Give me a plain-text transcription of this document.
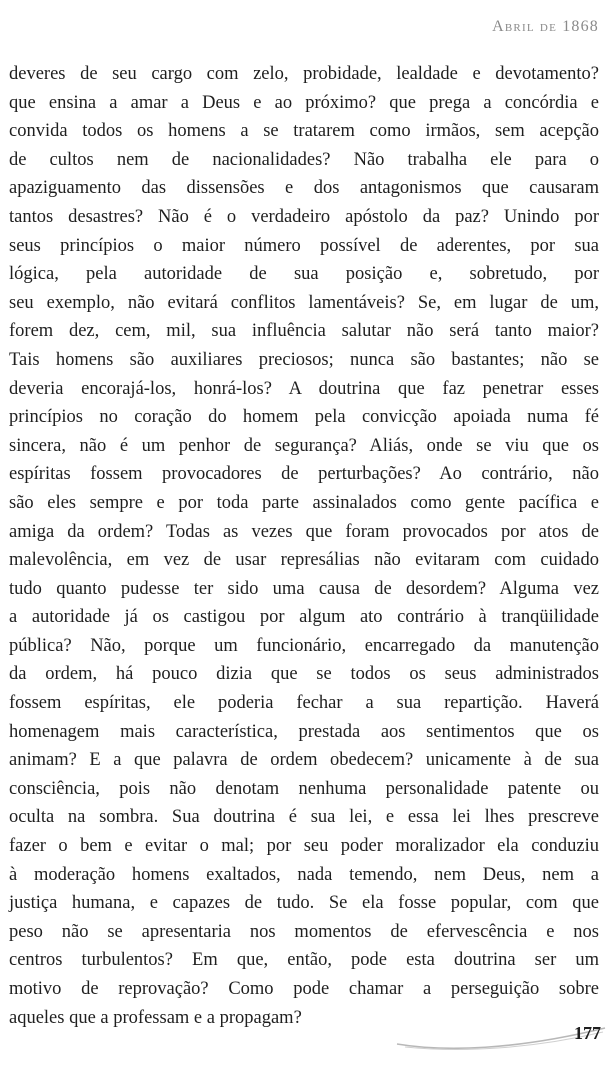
Abril de 1868
deveres de seu cargo com zelo, probidade, lealdade e devotamento?
que ensina a amar a Deus e ao próximo? que prega a concórdia e
convida todos os homens a se tratarem como irmãos, sem acepção
de cultos nem de nacionalidades? Não trabalha ele para o
apaziguamento das dissensões e dos antagonismos que causaram
tantos desastres? Não é o verdadeiro apóstolo da paz? Unindo por
seus princípios o maior número possível de aderentes, por sua
lógica, pela autoridade de sua posição e, sobretudo, por
seu exemplo, não evitará conflitos lamentáveis? Se, em lugar de um,
forem dez, cem, mil, sua influência salutar não será tanto maior?
Tais homens são auxiliares preciosos; nunca são bastantes; não se
deveria encorajá-los, honrá-los? A doutrina que faz penetrar esses
princípios no coração do homem pela convicção apoiada numa fé
sincera, não é um penhor de segurança? Aliás, onde se viu que os
espíritas fossem provocadores de perturbações? Ao contrário, não
são eles sempre e por toda parte assinalados como gente pacífica e
amiga da ordem? Todas as vezes que foram provocados por atos de
malevolência, em vez de usar represálias não evitaram com cuidado
tudo quanto pudesse ter sido uma causa de desordem? Alguma vez
a autoridade já os castigou por algum ato contrário à tranqüilidade
pública? Não, porque um funcionário, encarregado da manutenção
da ordem, há pouco dizia que se todos os seus administrados
fossem espíritas, ele poderia fechar a sua repartição. Haverá
homenagem mais característica, prestada aos sentimentos que os
animam? E a que palavra de ordem obedecem? unicamente à de sua
consciência, pois não denotam nenhuma personalidade patente ou
oculta na sombra. Sua doutrina é sua lei, e essa lei lhes prescreve
fazer o bem e evitar o mal; por seu poder moralizador ela conduziu
à moderação homens exaltados, nada temendo, nem Deus, nem a
justiça humana, e capazes de tudo. Se ela fosse popular, com que
peso não se apresentaria nos momentos de efervescência e nos
centros turbulentos? Em que, então, pode esta doutrina ser um
motivo de reprovação? Como pode chamar a perseguição sobre
aqueles que a professam e a propagam?
177
